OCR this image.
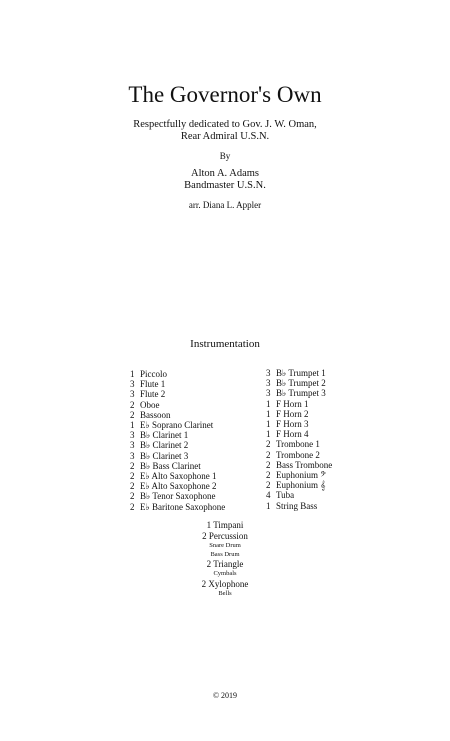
The Governor's Own
Respectfully dedicated to Gov. J. W. Oman,
Rear Admiral U.S.N.
By
Alton A. Adams
Bandmaster U.S.N.
arr. Diana L. Appler
Instrumentation
1 Piccolo
3 Flute 1
3 Flute 2
2 Oboe
2 Bassoon
1 E♭ Soprano Clarinet
3 B♭ Clarinet 1
3 B♭ Clarinet 2
3 B♭ Clarinet 3
2 B♭ Bass Clarinet
2 E♭ Alto Saxophone 1
2 E♭ Alto Saxophone 2
2 B♭ Tenor Saxophone
2 E♭ Baritone Saxophone
3 B♭ Trumpet 1
3 B♭ Trumpet 2
3 B♭ Trumpet 3
1 F Horn 1
1 F Horn 2
1 F Horn 3
1 F Horn 4
2 Trombone 1
2 Trombone 2
2 Bass Trombone
2 Euphonium 𝄢
2 Euphonium 𝄞
4 Tuba
1 String Bass
1 Timpani
2 Percussion
Snare Drum
Bass Drum
2 Triangle
Cymbals
2 Xylophone
Bells
© 2019
